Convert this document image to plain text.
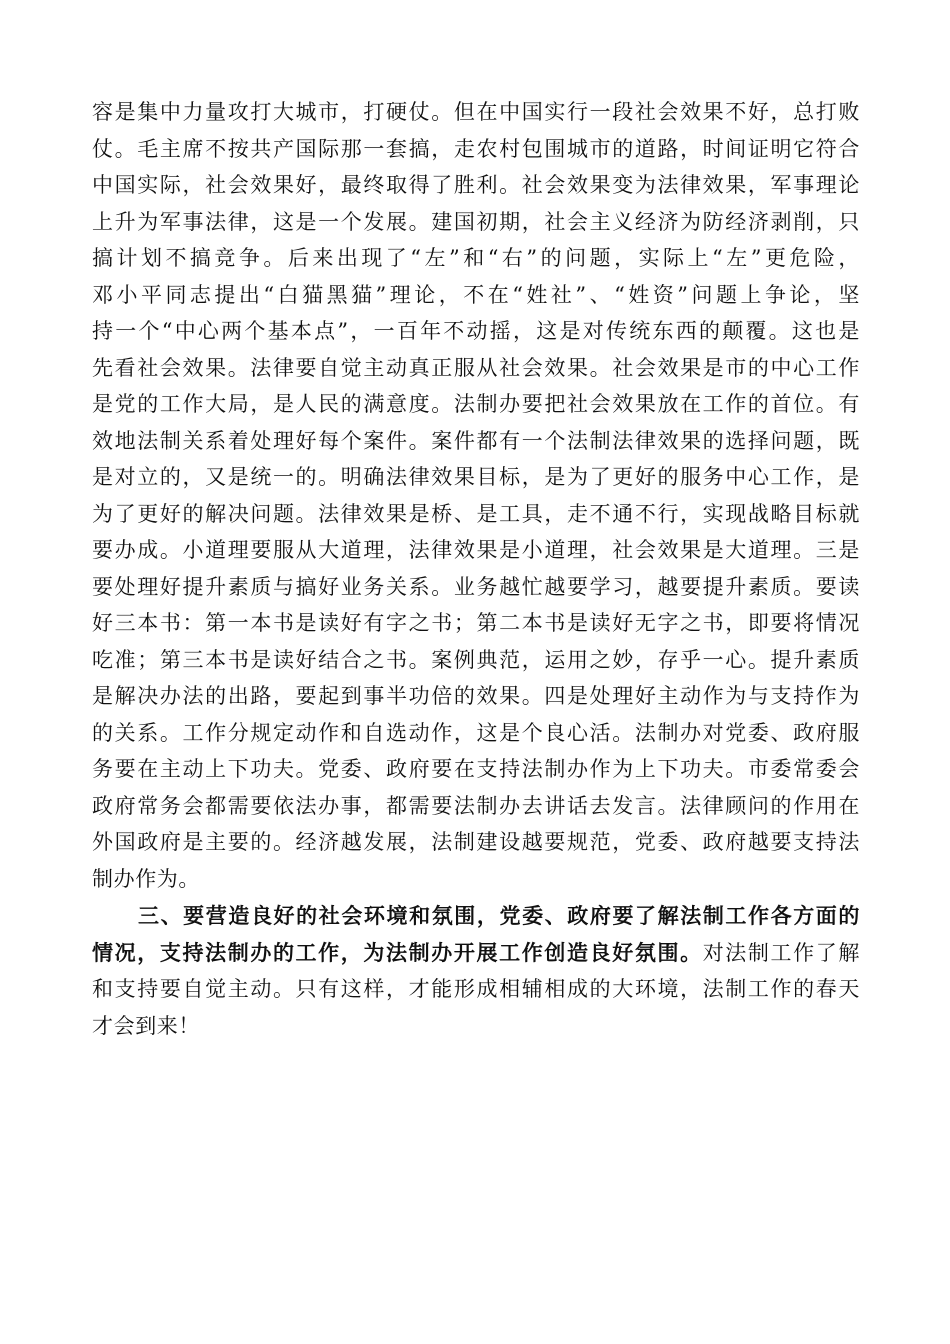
容是集中力量攻打大城市，打硬仗。但在中国实行一段社会效果不好，总打败
仗。毛主席不按共产国际那一套搞，走农村包围城市的道路，时间证明它符合
中国实际，社会效果好，最终取得了胜利。社会效果变为法律效果，军事理论
上升为军事法律，这是一个发展。建国初期，社会主义经济为防经济剥削，只
搞计划不搞竞争。后来出现了“左”和“右”的问题，实际上“左”更危险，
邓小平同志提出“白猫黑猫”理论，不在“姓社”、“姓资”问题上争论，坚
持一个“中心两个基本点”，一百年不动摇，这是对传统东西的颠覆。这也是
先看社会效果。法律要自觉主动真正服从社会效果。社会效果是市的中心工作
是党的工作大局，是人民的满意度。法制办要把社会效果放在工作的首位。有
效地法制关系着处理好每个案件。案件都有一个法制法律效果的选择问题，既
是对立的，又是统一的。明确法律效果目标，是为了更好的服务中心工作，是
为了更好的解决问题。法律效果是桥、是工具，走不通不行，实现战略目标就
要办成。小道理要服从大道理，法律效果是小道理，社会效果是大道理。三是
要处理好提升素质与搞好业务关系。业务越忙越要学习，越要提升素质。要读
好三本书：第一本书是读好有字之书；第二本书是读好无字之书，即要将情况
吃准；第三本书是读好结合之书。案例典范，运用之妙，存乎一心。提升素质
是解决办法的出路，要起到事半功倍的效果。四是处理好主动作为与支持作为
的关系。工作分规定动作和自选动作，这是个良心活。法制办对党委、政府服
务要在主动上下功夫。党委、政府要在支持法制办作为上下功夫。市委常委会
政府常务会都需要依法办事，都需要法制办去讲话去发言。法律顾问的作用在
外国政府是主要的。经济越发展，法制建设越要规范，党委、政府越要支持法
制办作为。
三、要营造良好的社会环境和氛围，党委、政府要了解法制工作各方面的
情况，支持法制办的工作，为法制办开展工作创造良好氛围。对法制工作了解
和支持要自觉主动。只有这样，才能形成相辅相成的大环境，法制工作的春天
才会到来！
